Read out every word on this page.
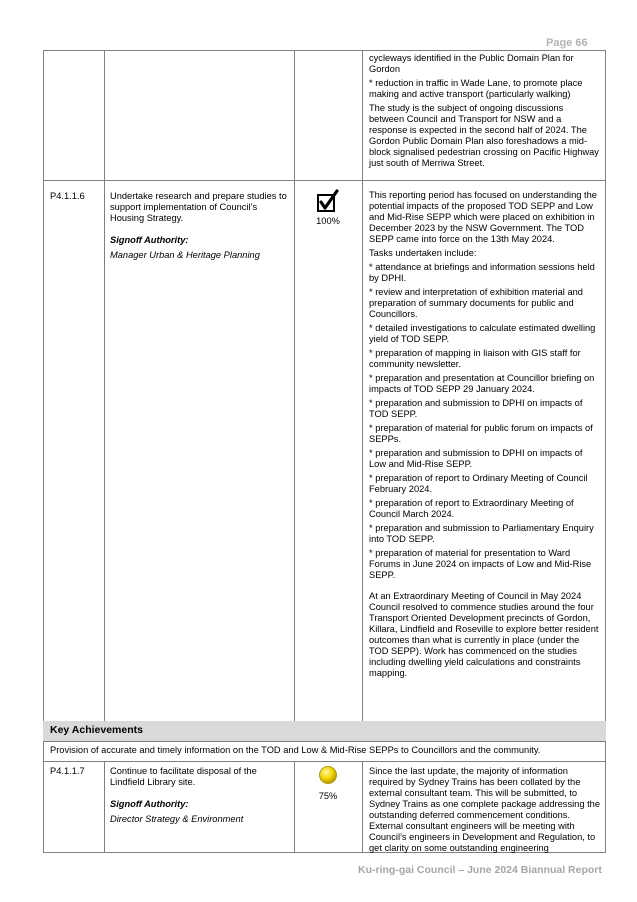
Page 66

cycleways identified in the Public Domain Plan for Gordon

* reduction in traffic in Wade Lane, to promote place making and active transport (particularly walking)

The study is the subject of ongoing discussions between Council and Transport for NSW and a response is expected in the second half of 2024. The Gordon Public Domain Plan also foreshadows a mid-block signalised pedestrian crossing on Pacific Highway just south of Merriwa Street.

P4.1.1.6	Undertake research and prepare studies to support implementation of Council’s Housing Strategy.
Signoff Authority:
Manager Urban & Heritage Planning
100%

This reporting period has focused on understanding the potential impacts of the proposed TOD SEPP and Low and Mid-Rise SEPP which were placed on exhibition in December 2023 by the NSW Government. The TOD SEPP came into force on the 13th May 2024.

Tasks undertaken include:

* attendance at briefings and information sessions held by DPHI.

* review and interpretation of exhibition material and preparation of summary documents for public and Councillors.

* detailed investigations to calculate estimated dwelling yield of TOD SEPP.

* preparation of mapping in liaison with GIS staff for community newsletter.

* preparation and presentation at Councillor briefing on impacts of TOD SEPP 29 January 2024.

* preparation and submission to DPHI on impacts of TOD SEPP.

* preparation of material for public forum on impacts of SEPPs.

* preparation and submission to DPHI on impacts of Low and Mid-Rise SEPP.

* preparation of report to Ordinary Meeting of Council February 2024.

* preparation of report to Extraordinary Meeting of Council March 2024.

* preparation and submission to Parliamentary Enquiry into TOD SEPP.

* preparation of material for presentation to Ward Forums in June 2024 on impacts of Low and Mid-Rise SEPP.

At an Extraordinary Meeting of Council in May 2024 Council resolved to commence studies around the four Transport Oriented Development precincts of Gordon, Killara, Lindfield and Roseville to explore better resident outcomes than what is currently in place (under the TOD SEPP). Work has commenced on the studies including dwelling yield calculations and constraints mapping.

Key Achievements
Provision of accurate and timely information on the TOD and Low & Mid-Rise SEPPs to Councillors and the community.
P4.1.1.7	Continue to facilitate disposal of the Lindfield Library site.
Signoff Authority:
Director Strategy & Environment
75%

Since the last update, the majority of information required by Sydney Trains has been collated by the external consultant team. This will be submitted, to Sydney Trains as one complete package addressing the outstanding deferred commencement conditions. External consultant engineers will be meeting with Council’s engineers in Development and Regulation, to get clarity on some outstanding engineering

Ku-ring-gai Council – June 2024 Biannual Report
